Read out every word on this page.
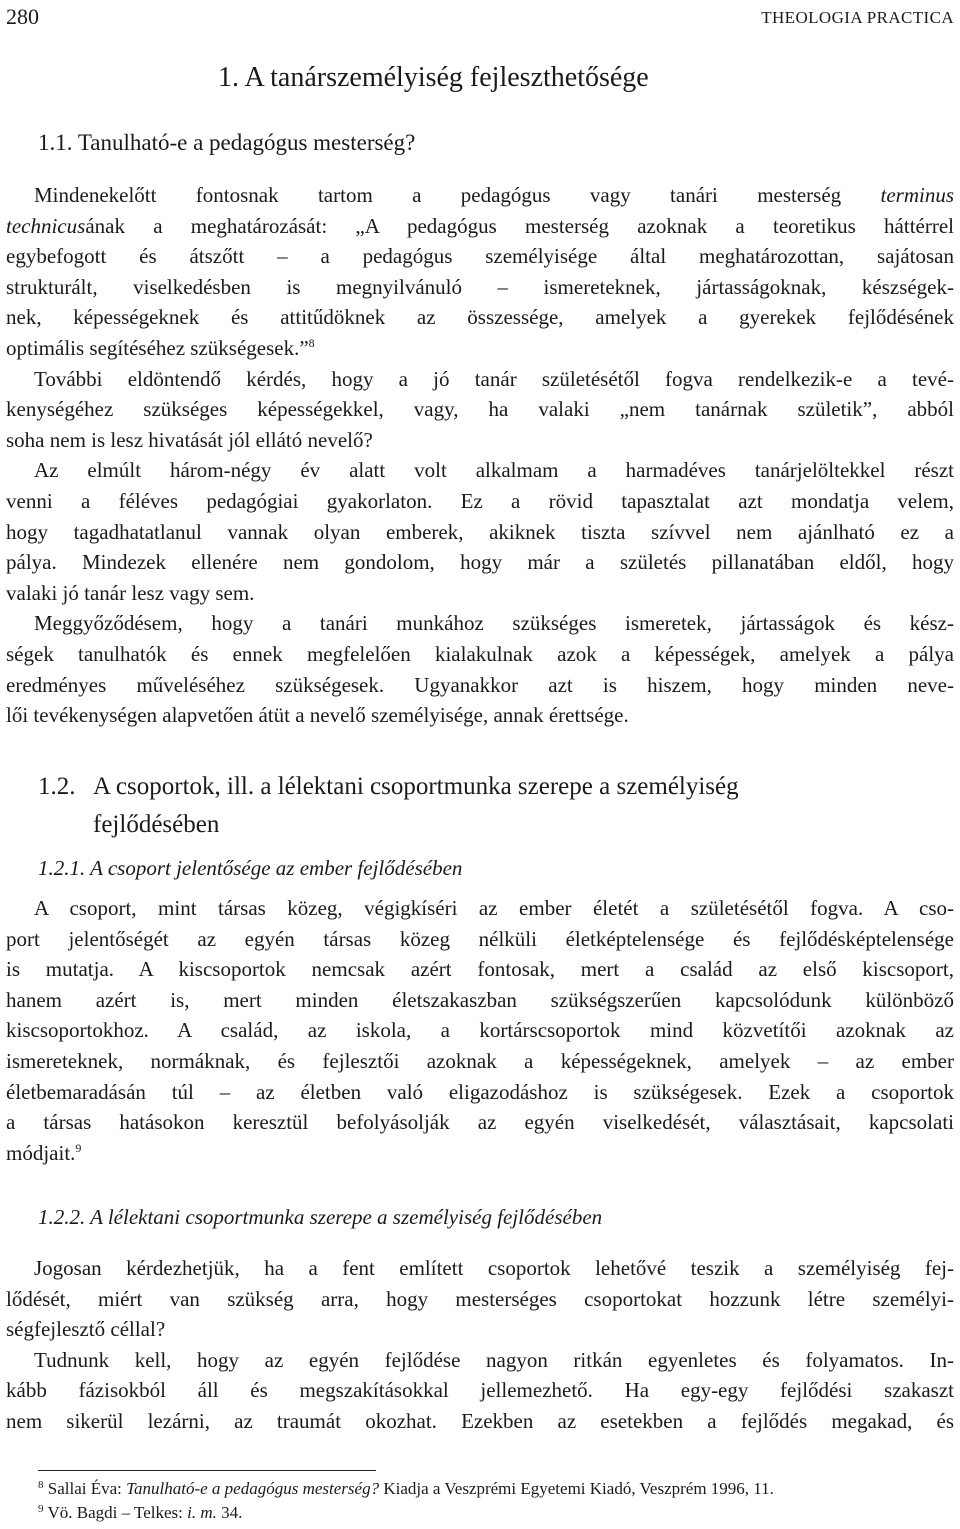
280	THEOLOGIA PRACTICA
1. A tanárszemélyiség fejleszthetősége
1.1. Tanulható-e a pedagógus mesterség?
Mindenekelőtt fontosnak tartom a pedagógus vagy tanári mesterség terminus
technicusának a meghatározását: „A pedagógus mesterség azoknak a teoretikus háttérrel
egybefogott és átszőtt – a pedagógus személyisége által meghatározottan, sajátosan
strukturált, viselkedésben is megnyilvánuló – ismereteknek, jártasságoknak, készségek-
nek, képességeknek és attitűdöknek az összessége, amelyek a gyerekek fejlődésének
optimális segítéséhez szükségesek.”$^8$
További eldöntendő kérdés, hogy a jó tanár születésétől fogva rendelkezik-e a tevé-
kenységéhez szükséges képességekkel, vagy, ha valaki „nem tanárnak születik”, abból
soha nem is lesz hivatását jól ellátó nevelő?
Az elmúlt három-négy év alatt volt alkalmam a harmadéves tanárjelöltekkel részt
venni a féléves pedagógiai gyakorlaton. Ez a rövid tapasztalat azt mondatja velem,
hogy tagadhatatlanul vannak olyan emberek, akiknek tiszta szívvel nem ajánlható ez a
pálya. Mindezek ellenére nem gondolom, hogy már a születés pillanatában eldől, hogy
valaki jó tanár lesz vagy sem.
Meggyőződésem, hogy a tanári munkához szükséges ismeretek, jártasságok és kész-
ségek tanulhatók és ennek megfelelően kialakulnak azok a képességek, amelyek a pálya
eredményes műveléséhez szükségesek. Ugyanakkor azt is hiszem, hogy minden neve-
lői tevékenységen alapvetően átüt a nevelő személyisége, annak érettsége.
1.2. A csoportok, ill. a lélektani csoportmunka szerepe a személyiség
fejlődésében
1.2.1. A csoport jelentősége az ember fejlődésében
A csoport, mint társas közeg, végigkíséri az ember életét a születésétől fogva. A cso-
port jelentőségét az egyén társas közeg nélküli életképtelensége és fejlődésképtelensége
is mutatja. A kiscsoportok nemcsak azért fontosak, mert a család az első kiscsoport,
hanem azért is, mert minden életszakaszban szükségszerűen kapcsolódunk különböző
kiscsoportokhoz. A család, az iskola, a kortárscsoportok mind közvetítői azoknak az
ismereteknek, normáknak, és fejlesztői azoknak a képességeknek, amelyek – az ember
életbemaradásán túl – az életben való eligazodáshoz is szükségesek. Ezek a csoportok
a társas hatásokon keresztül befolyásolják az egyén viselkedését, választásait, kapcsolati
módjait.$^9$
1.2.2. A lélektani csoportmunka szerepe a személyiség fejlődésében
Jogosan kérdezhetjük, ha a fent említett csoportok lehetővé teszik a személyiség fej-
lődését, miért van szükség arra, hogy mesterséges csoportokat hozzunk létre személyi-
ségfejlesztő céllal?
Tudnunk kell, hogy az egyén fejlődése nagyon ritkán egyenletes és folyamatos. In-
kább fázisokból áll és megszakításokkal jellemezhető. Ha egy-egy fejlődési szakaszt
nem sikerül lezárni, az traumát okozhat. Ezekben az esetekben a fejlődés megakad, és
$^8$ Sallai Éva: Tanulható-e a pedagógus mesterség? Kiadja a Veszprémi Egyetemi Kiadó, Veszprém 1996, 11.
$^9$ Vö. Bagdi – Telkes: i. m. 34.
